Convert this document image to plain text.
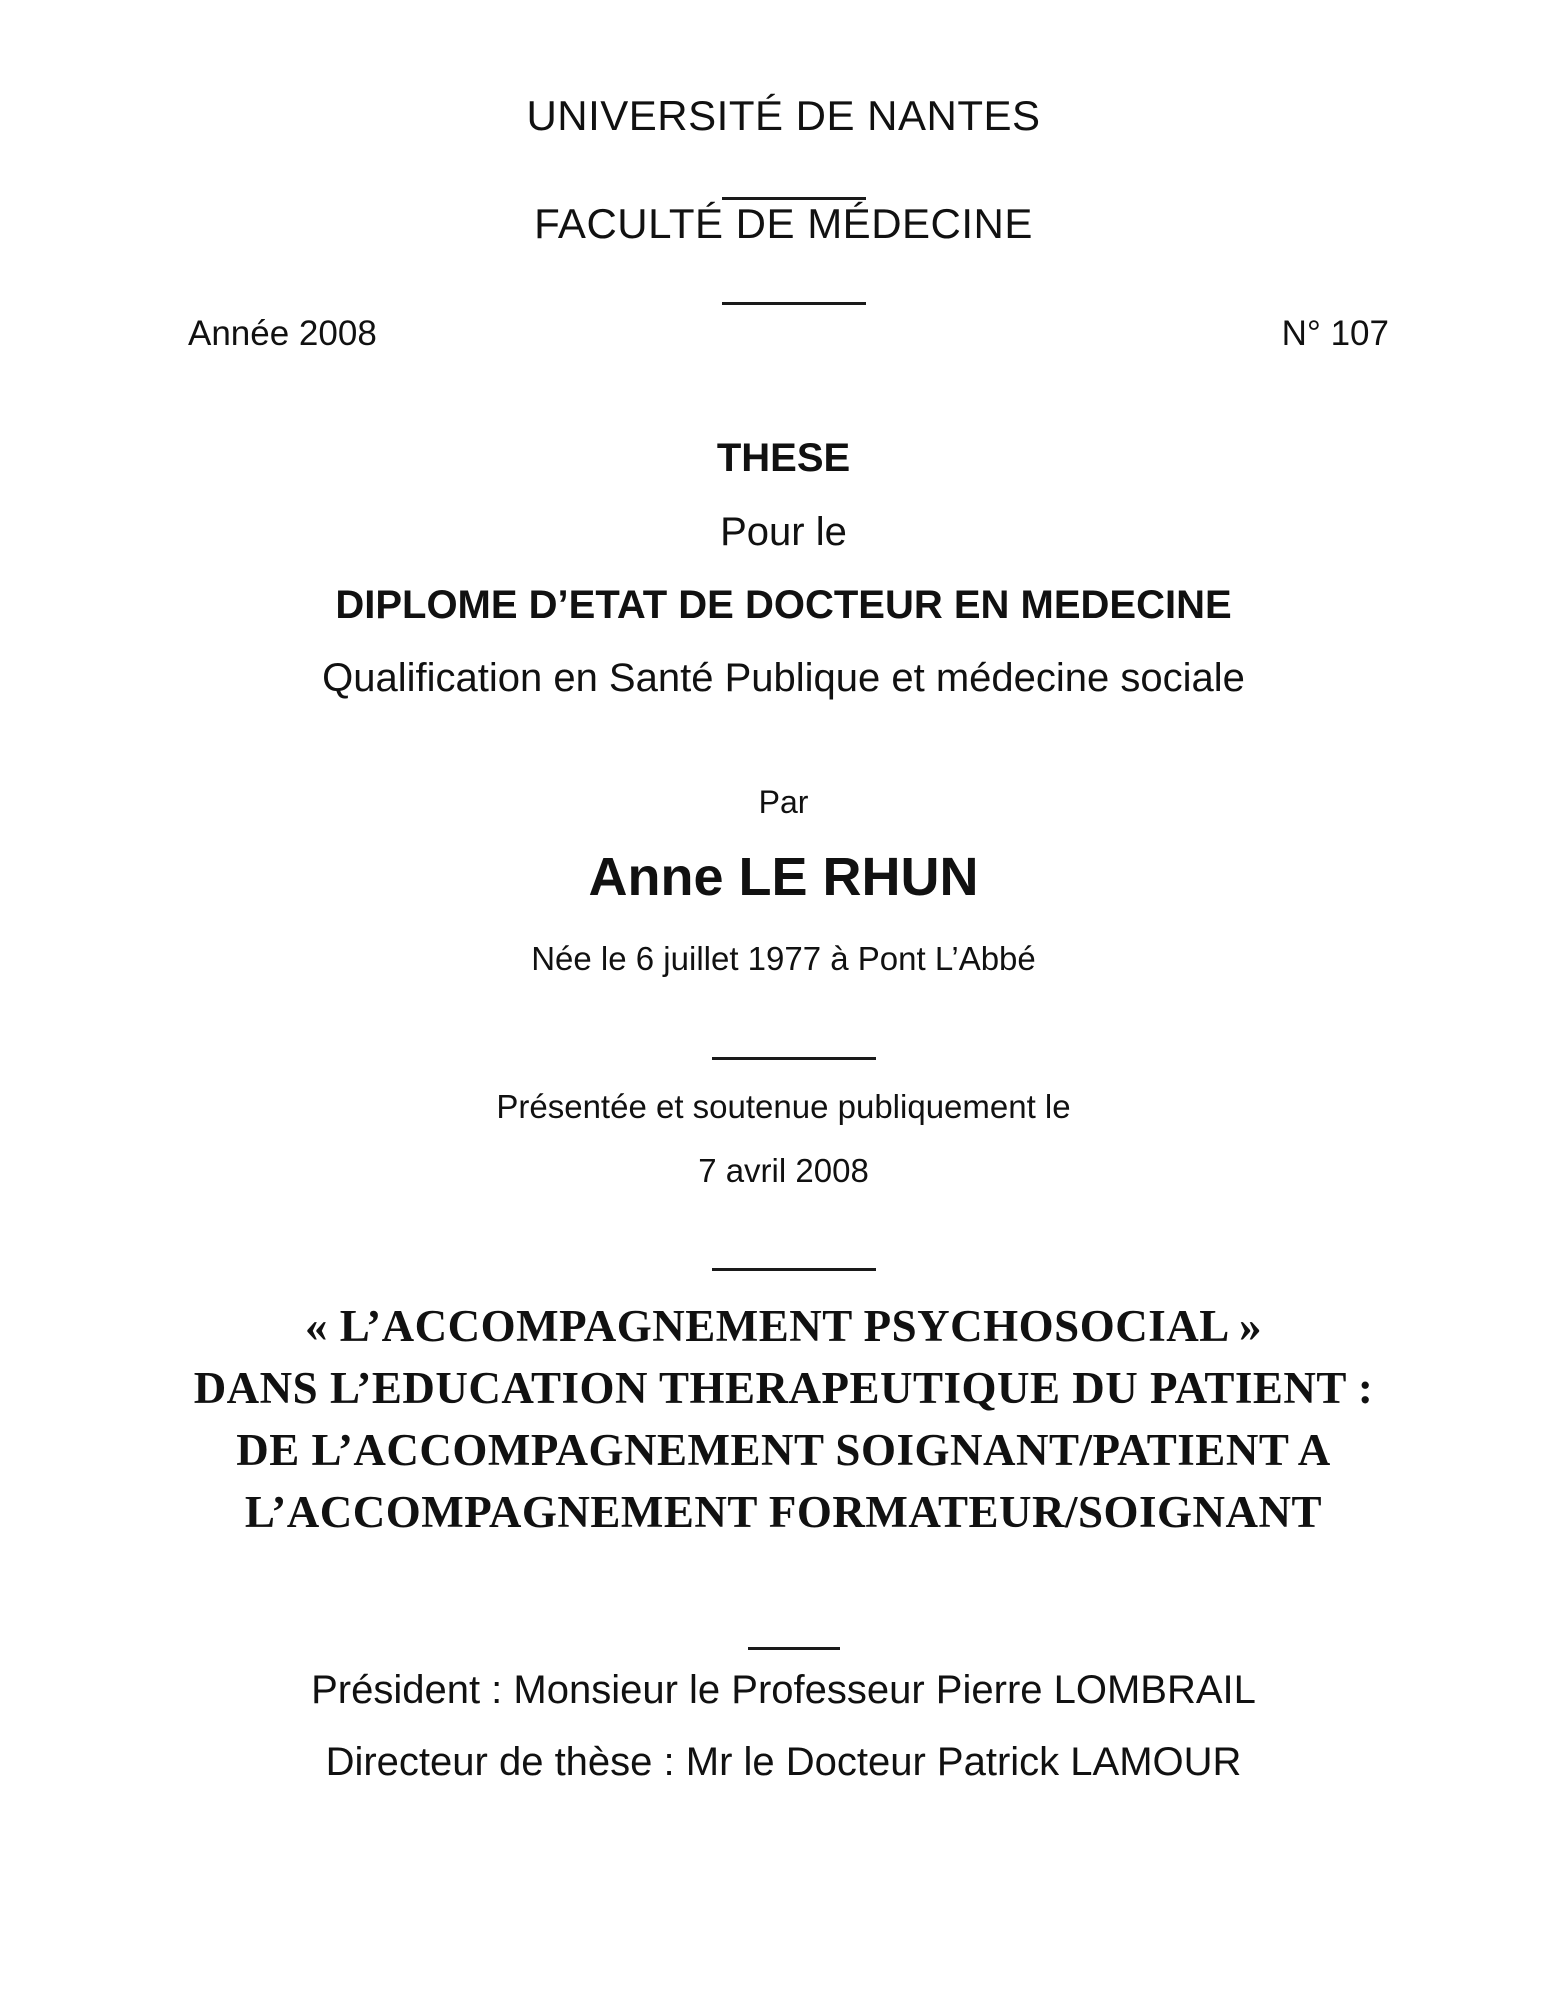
UNIVERSITÉ DE NANTES
FACULTÉ DE MÉDECINE
Année 2008	N° 107
THESE
Pour le
DIPLOME D’ETAT DE DOCTEUR EN MEDECINE
Qualification en Santé Publique et médecine sociale
Par
Anne LE RHUN
Née le 6 juillet 1977 à Pont L’Abbé
Présentée et soutenue publiquement le
7 avril 2008
« L’ACCOMPAGNEMENT PSYCHOSOCIAL »
DANS L’EDUCATION THERAPEUTIQUE DU PATIENT :
DE L’ACCOMPAGNEMENT SOIGNANT/PATIENT A
L’ACCOMPAGNEMENT FORMATEUR/SOIGNANT
Président : Monsieur le Professeur Pierre LOMBRAIL
Directeur de thèse : Mr le Docteur Patrick LAMOUR
